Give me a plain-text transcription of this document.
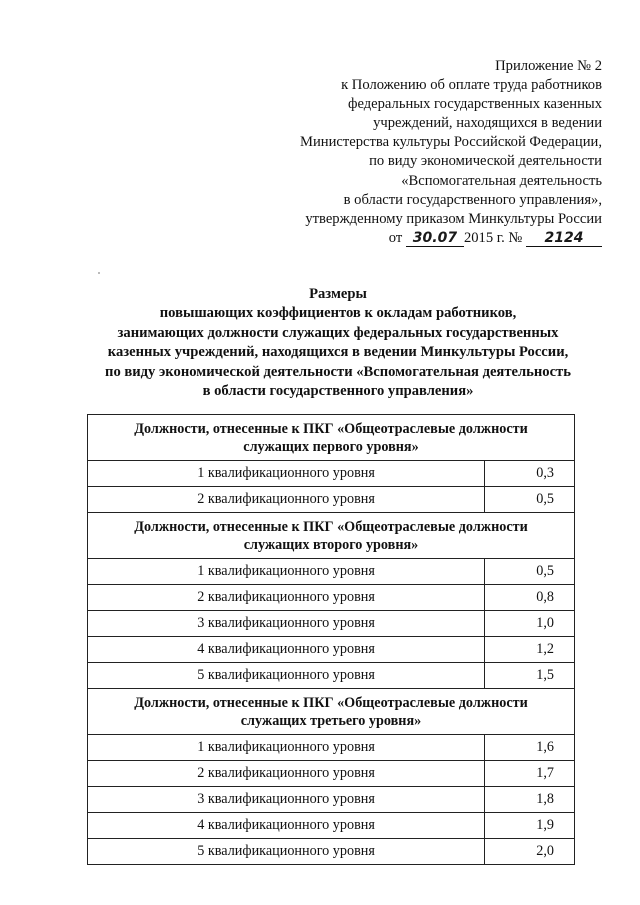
Приложение № 2
к Положению об оплате труда работников
федеральных государственных казенных
учреждений, находящихся в ведении
Министерства культуры Российской Федерации,
по виду экономической деятельности
«Вспомогательная деятельность
в области государственного управления»,
утвержденному приказом Минкультуры России
от 30.07 2015 г. № 2124
Размеры
повышающих коэффициентов к окладам работников,
занимающих должности служащих федеральных государственных
казенных учреждений, находящихся в ведении Минкультуры России,
по виду экономической деятельности «Вспомогательная деятельность
в области государственного управления»
Должности, отнесенные к ПКГ «Общеотраслевые должности
служащих первого уровня»	

1 квалификационного уровня	0,3
2 квалификационного уровня	0,5

Должности, отнесенные к ПКГ «Общеотраслевые должности
служащих второго уровня»	

1 квалификационного уровня	0,5
2 квалификационного уровня	0,8
3 квалификационного уровня	1,0
4 квалификационного уровня	1,2
5 квалификационного уровня	1,5

Должности, отнесенные к ПКГ «Общеотраслевые должности
служащих третьего уровня»	

1 квалификационного уровня	1,6
2 квалификационного уровня	1,7
3 квалификационного уровня	1,8
4 квалификационного уровня	1,9
5 квалификационного уровня	2,0
